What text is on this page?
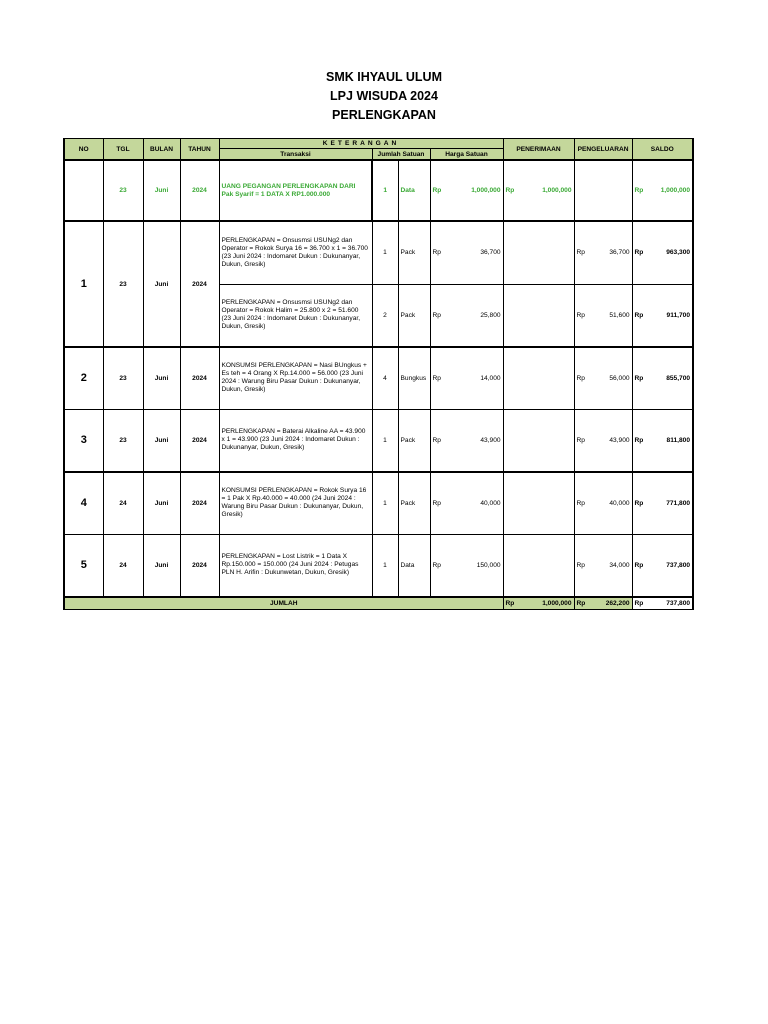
SMK IHYAUL ULUM
LPJ WISUDA 2024
PERLENGKAPAN
NO	TGL	BULAN	TAHUN	KETERANGAN				PENERIMAAN	PENGELUARAN	SALDO
				Transaksi	Jumlah Satuan		Harga Satuan			
	23	Juni	2024	UANG PEGANGAN PERLENGKAPAN DARI Pak Syarif = 1 DATA X RP1.000.000	1	Data	Rp 1,000,000	Rp 1,000,000		Rp 1,000,000

1	23	Juni	2024	PERLENGKAPAN = Onsusmsi USUNg2 dan Operator = Rokok Surya 16 = 36.700 x 1 = 36.700 (23 Juni 2024 : Indomaret Dukun : Dukunanyar, Dukun, Gresik)	1	Pack	Rp 36,700		Rp 36,700	Rp 963,300

				PERLENGKAPAN = Onsusmsi USUNg2 dan Operator = Rokok Halim = 25.800 x 2 = 51.600 (23 Juni 2024 : Indomaret Dukun : Dukunanyar, Dukun, Gresik)	2	Pack	Rp 25,800		Rp 51,600	Rp 911,700

2	23	Juni	2024	KONSUMSI PERLENGKAPAN = Nasi BUngkus + Es teh = 4 Orang X Rp.14.000 = 56.000 (23 Juni 2024 : Warung Biru Pasar Dukun : Dukunanyar, Dukun, Gresik)	4	Bungkus	Rp 14,000		Rp 56,000	Rp 855,700

3	23	Juni	2024	PERLENGKAPAN = Baterai Alkaline AA = 43.900 x 1 = 43.900 (23 Juni 2024 : Indomaret Dukun : Dukunanyar, Dukun, Gresik)	1	Pack	Rp 43,900		Rp 43,900	Rp 811,800

4	24	Juni	2024	KONSUMSI PERLENGKAPAN = Rokok Surya 16 = 1 Pak X Rp.40.000 = 40.000 (24 Juni 2024 : Warung Biru Pasar Dukun : Dukunanyar, Dukun, Gresik)	1	Pack	Rp 40,000		Rp 40,000	Rp 771,800

5	24	Juni	2024	PERLENGKAPAN = Lost Listrik = 1 Data X Rp.150.000 = 150.000 (24 Juni 2024 : Petugas PLN H. Arifin : Dukunwetan, Dukun, Gresik)	1	Data	Rp 150,000		Rp 34,000	Rp 737,800

JUMLAH								Rp 1,000,000	Rp 262,200	Rp 737,800
